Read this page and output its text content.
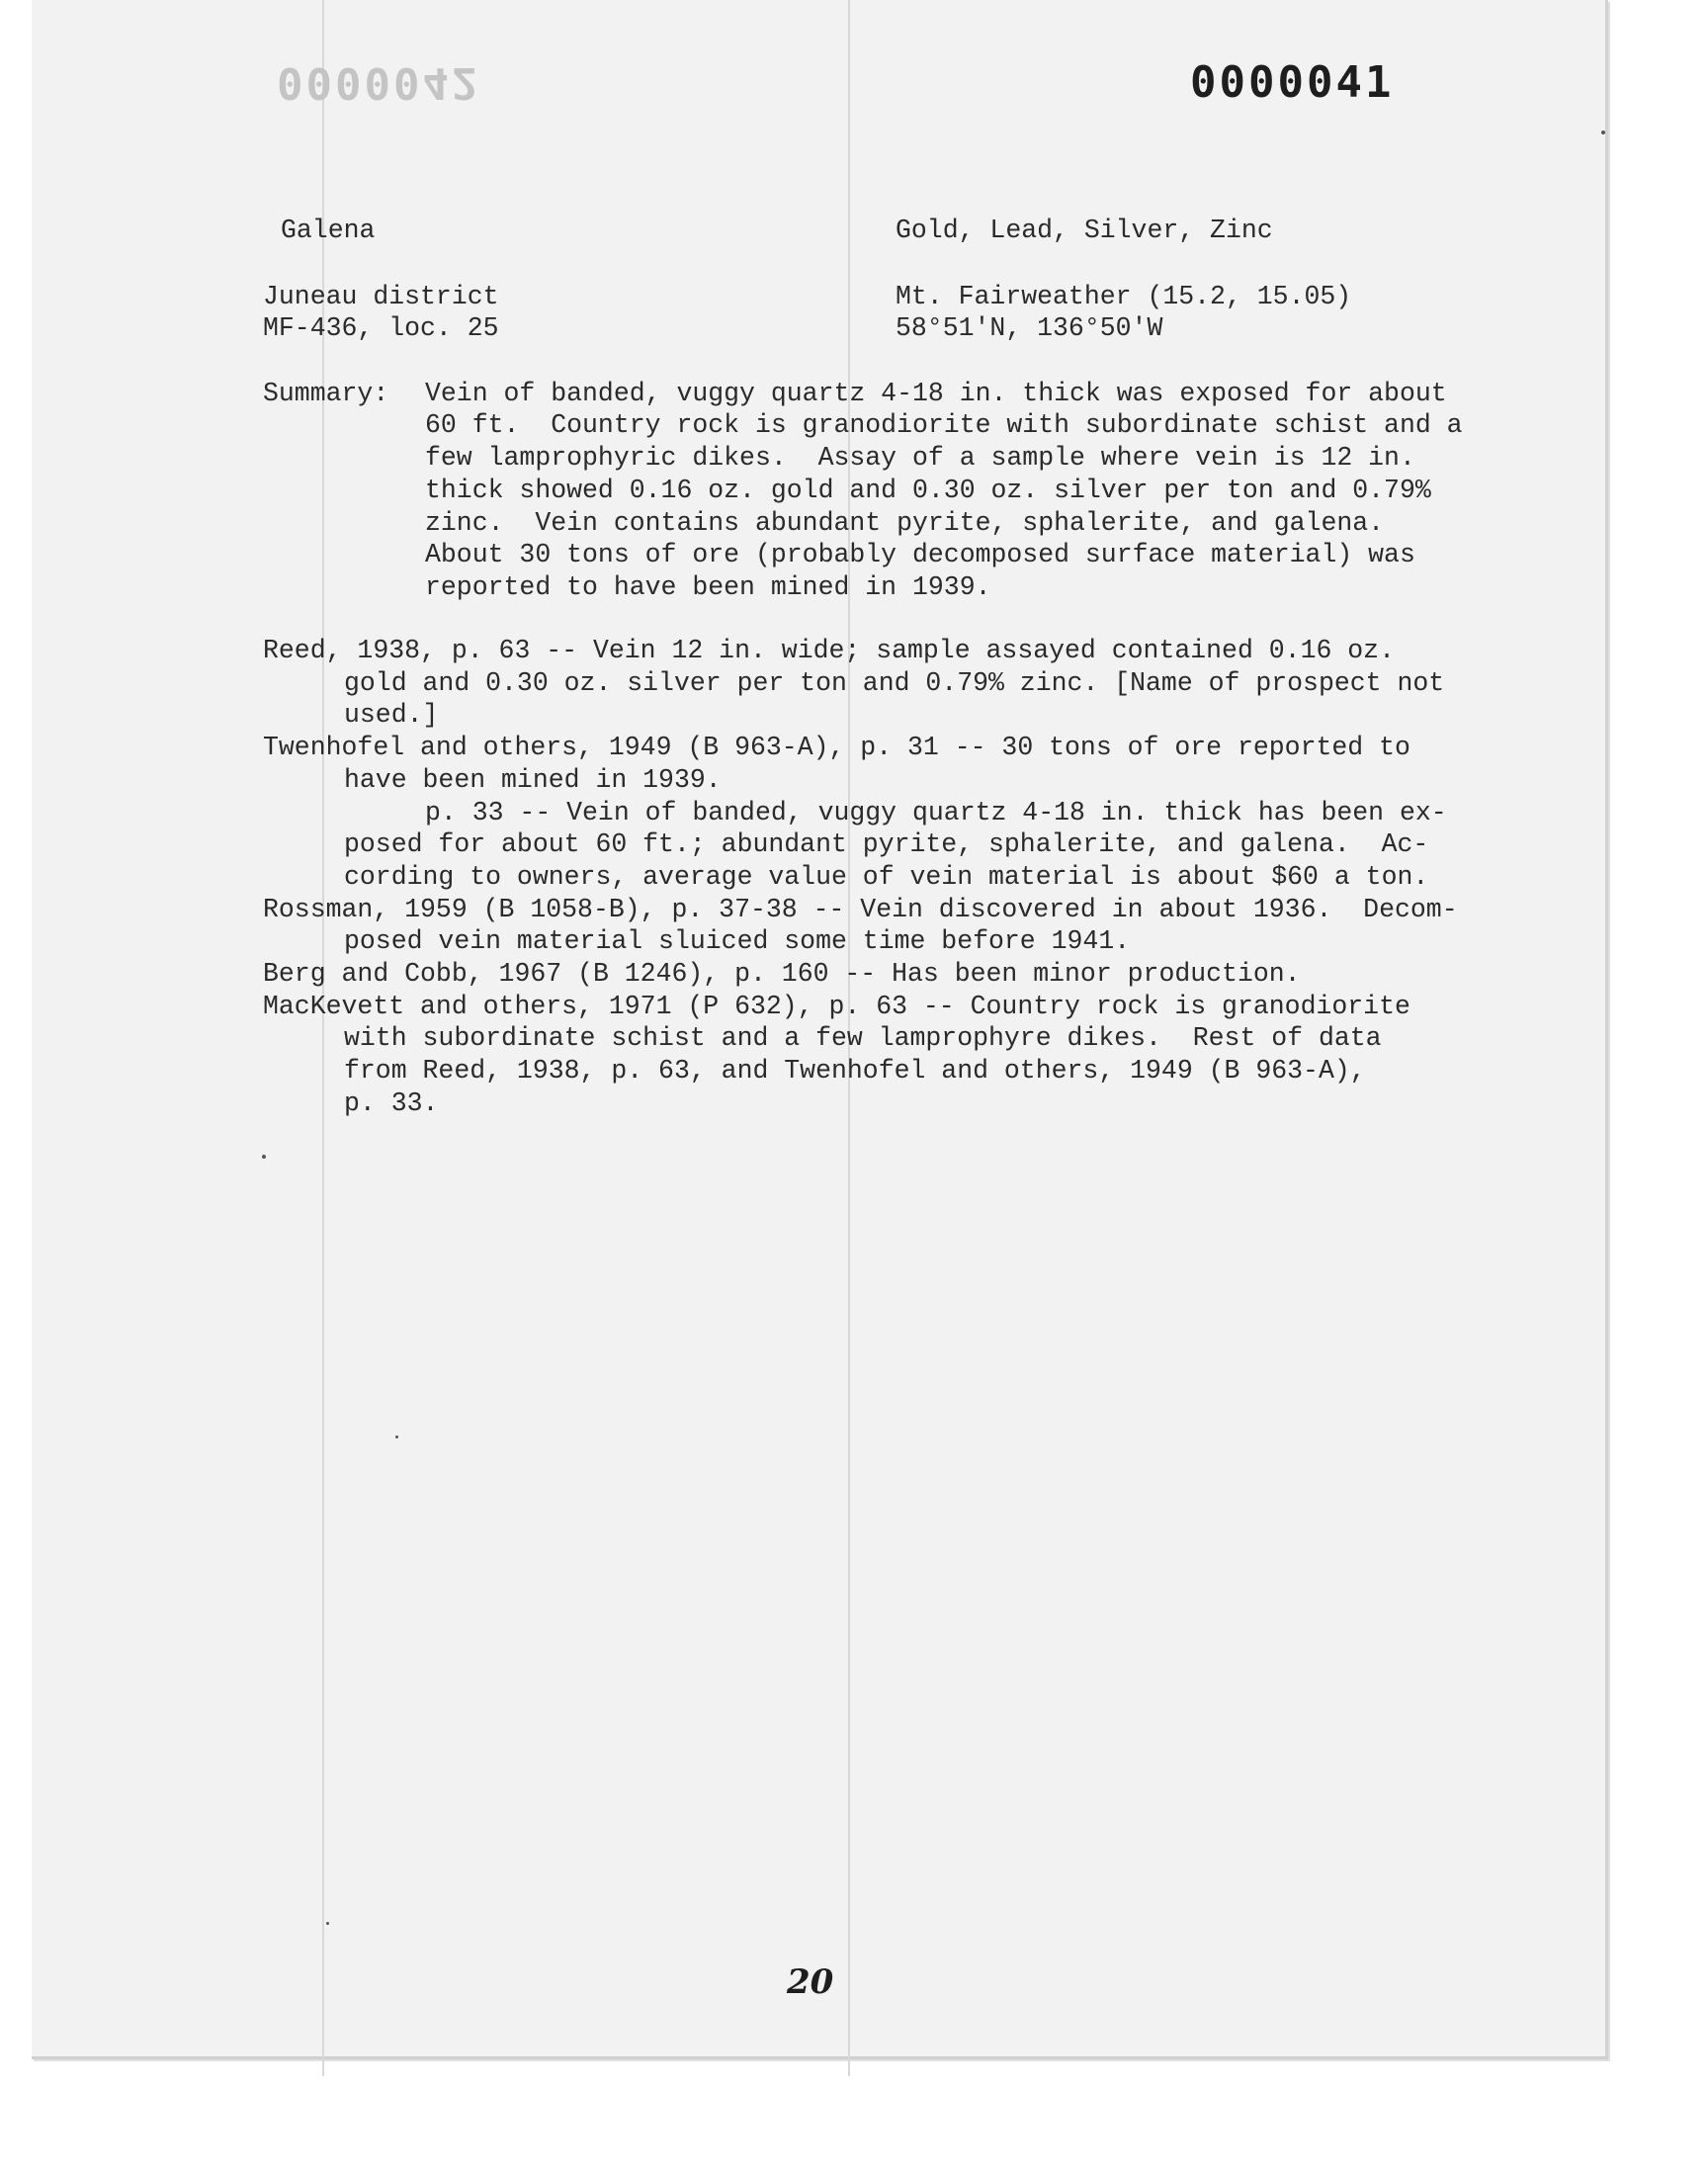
0000042	0000041
Galena	Gold, Lead, Silver, Zinc
Juneau district	Mt. Fairweather (15.2, 15.05)
MF-436, loc. 25	58°51'N, 136°50'W
Summary: Vein of banded, vuggy quartz 4-18 in. thick was exposed for about
60 ft.  Country rock is granodiorite with subordinate schist and a
few lamprophyric dikes.  Assay of a sample where vein is 12 in.
thick showed 0.16 oz. gold and 0.30 oz. silver per ton and 0.79%
zinc.  Vein contains abundant pyrite, sphalerite, and galena.
About 30 tons of ore (probably decomposed surface material) was
reported to have been mined in 1939.
Reed, 1938, p. 63 -- Vein 12 in. wide; sample assayed contained 0.16 oz.
gold and 0.30 oz. silver per ton and 0.79% zinc. [Name of prospect not
used.]
Twenhofel and others, 1949 (B 963-A), p. 31 -- 30 tons of ore reported to
have been mined in 1939.
p. 33 -- Vein of banded, vuggy quartz 4-18 in. thick has been ex-
posed for about 60 ft.; abundant pyrite, sphalerite, and galena.  Ac-
cording to owners, average value of vein material is about $60 a ton.
Rossman, 1959 (B 1058-B), p. 37-38 -- Vein discovered in about 1936.  Decom-
posed vein material sluiced some time before 1941.
Berg and Cobb, 1967 (B 1246), p. 160 -- Has been minor production.
MacKevett and others, 1971 (P 632), p. 63 -- Country rock is granodiorite
with subordinate schist and a few lamprophyre dikes.  Rest of data
from Reed, 1938, p. 63, and Twenhofel and others, 1949 (B 963-A),
p. 33.
20
